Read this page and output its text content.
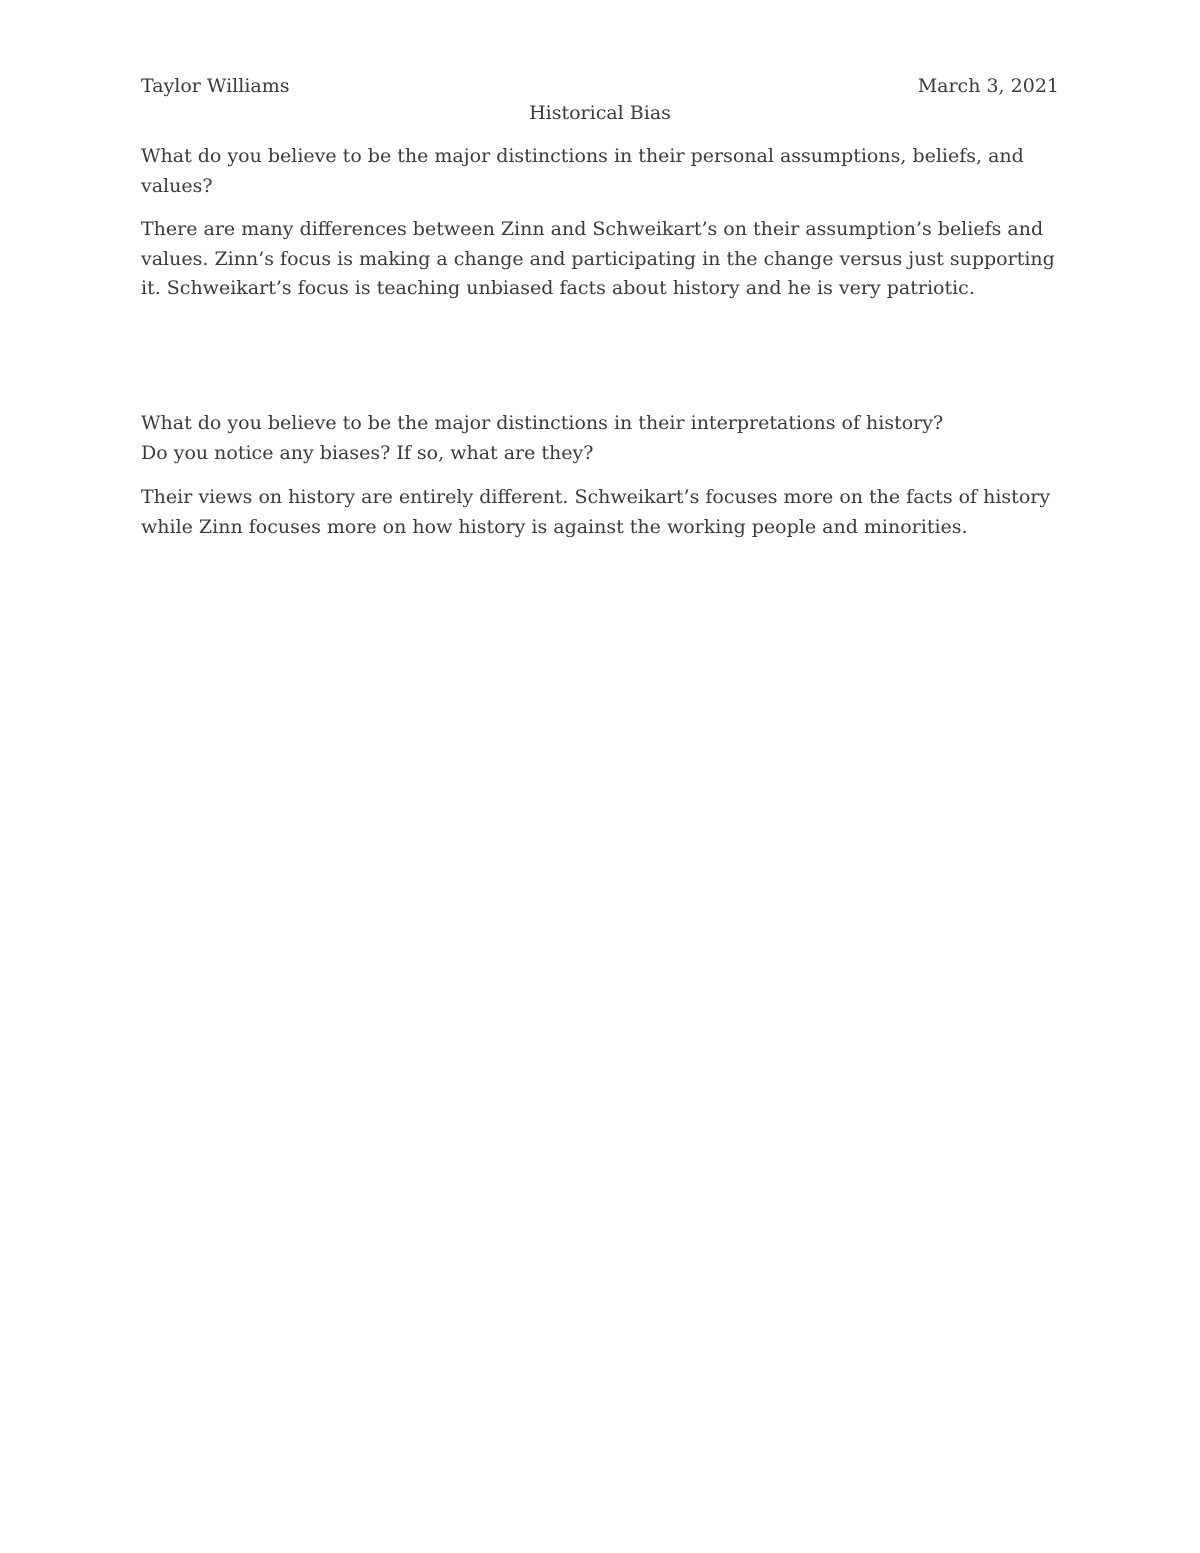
Taylor Williams	March 3, 2021
Historical Bias

What do you believe to be the major distinctions in their personal assumptions, beliefs, and
values?

There are many differences between Zinn and Schweikart’s on their assumption’s beliefs and
values. Zinn’s focus is making a change and participating in the change versus just supporting
it. Schweikart’s focus is teaching unbiased facts about history and he is very patriotic.

What do you believe to be the major distinctions in their interpretations of history?
Do you notice any biases? If so, what are they?

Their views on history are entirely different. Schweikart’s focuses more on the facts of history
while Zinn focuses more on how history is against the working people and minorities.
